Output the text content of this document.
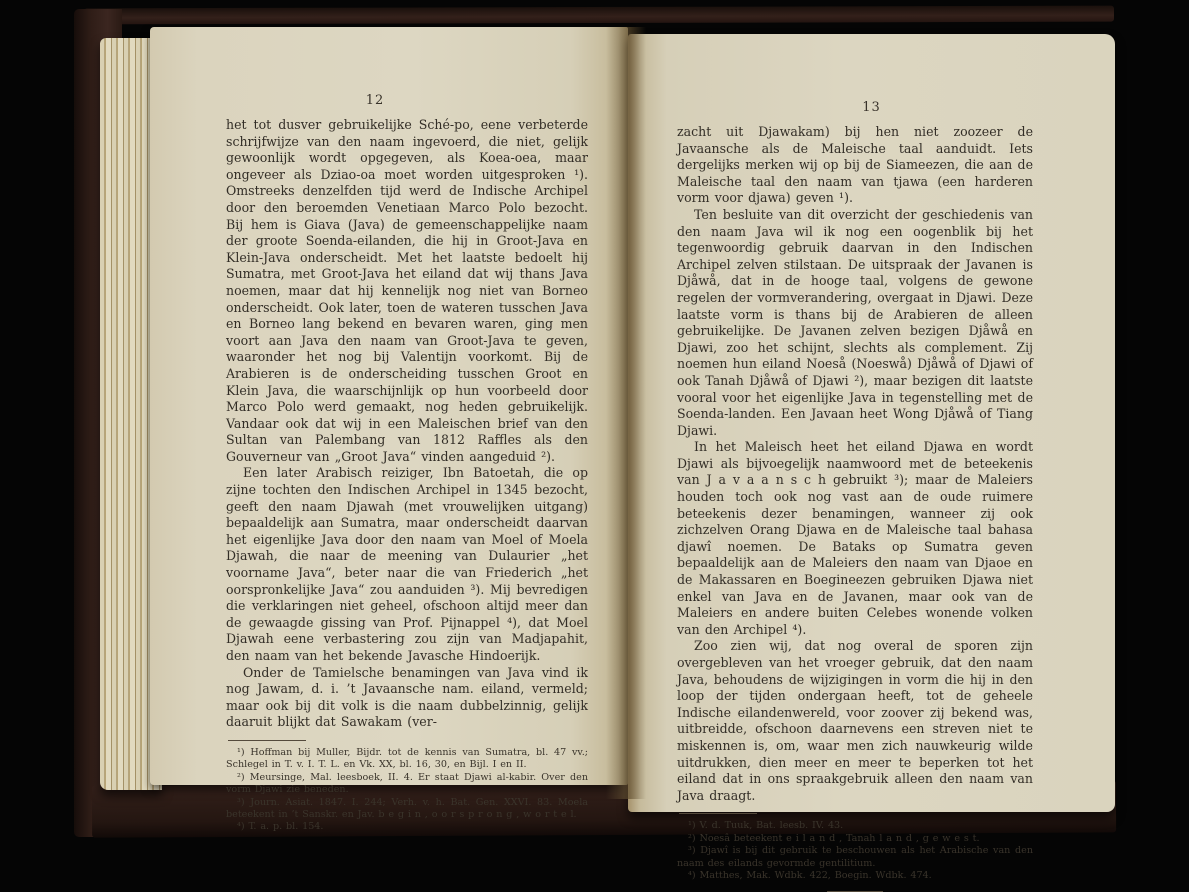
12

het tot dusver gebruikelijke Sché-po, eene verbeterde schrijfwijze van den naam ingevoerd, die niet, gelijk gewoonlijk wordt opgegeven, als Koea-oea, maar ongeveer als Dziao-oa moet worden uitgesproken ¹). Omstreeks denzelfden tijd werd de Indische Archipel door den beroemden Venetiaan Marco Polo bezocht. Bij hem is Giava (Java) de gemeenschappelijke naam der groote Soenda-eilanden, die hij in Groot-Java en Klein-Java onderscheidt. Met het laatste bedoelt hij Sumatra, met Groot-Java het eiland dat wij thans Java noemen, maar dat hij kennelijk nog niet van Borneo onderscheidt. Ook later, toen de wateren tusschen Java en Borneo lang bekend en bevaren waren, ging men voort aan Java den naam van Groot-Java te geven, waaronder het nog bij Valentijn voorkomt. Bij de Arabieren is de onderscheiding tusschen Groot en Klein Java, die waarschijnlijk op hun voorbeeld door Marco Polo werd gemaakt, nog heden gebruikelijk. Vandaar ook dat wij in een Maleischen brief van den Sultan van Palembang van 1812 Raffles als den Gouverneur van „Groot Java“ vinden aangeduid ²).

Een later Arabisch reiziger, Ibn Batoetah, die op zijne tochten den Indischen Archipel in 1345 bezocht, geeft den naam Djawah (met vrouwelijken uitgang) bepaaldelijk aan Sumatra, maar onderscheidt daarvan het eigenlijke Java door den naam van Moel of Moela Djawah, die naar de meening van Dulaurier „het voorname Java“, beter naar die van Friederich „het oorspronkelijke Java“ zou aanduiden ³). Mij bevredigen die verklaringen niet geheel, ofschoon altijd meer dan de gewaagde gissing van Prof. Pijnappel ⁴), dat Moel Djawah eene verbastering zou zijn van Madjapahit, den naam van het bekende Javasche Hindoerijk.

Onder de Tamielsche benamingen van Java vind ik nog Jawam, d. i. ’t Javaansche nam. eiland, vermeld; maar ook bij dit volk is die naam dubbelzinnig, gelijk daaruit blijkt dat Sawakam (ver-

¹) Hoffman bij Muller, Bijdr. tot de kennis van Sumatra, bl. 47 vv.; Schlegel in T. v. I. T. L. en Vk. XX, bl. 16, 30, en Bijl. I en II.

²) Meursinge, Mal. leesboek, II. 4. Er staat Djawi al-kabir. Over den vorm Djawi zie beneden.

³) Journ. Asiat. 1847. I. 244; Verh. v. h. Bat. Gen. XXVI. 83. Moela beteekent in ’t Sanskr. en Jav. b e g i n , o o r s p r o n g , w o r t e l.

⁴) T. a. p. bl. 154.

13

zacht uit Djawakam) bij hen niet zoozeer de Javaansche als de Maleische taal aanduidt. Iets dergelijks merken wij op bij de Siameezen, die aan de Maleische taal den naam van tjawa (een harderen vorm voor djawa) geven ¹).

Ten besluite van dit overzicht der geschiedenis van den naam Java wil ik nog een oogenblik bij het tegenwoordig gebruik daarvan in den Indischen Archipel zelven stilstaan. De uitspraak der Javanen is Djåwå, dat in de hooge taal, volgens de gewone regelen der vormverandering, overgaat in Djawi. Deze laatste vorm is thans bij de Arabieren de alleen gebruikelijke. De Javanen zelven bezigen Djåwå en Djawi, zoo het schijnt, slechts als complement. Zij noemen hun eiland Noeså (Noeswå) Djåwå of Djawi of ook Tanah Djåwå of Djawi ²), maar bezigen dit laatste vooral voor het eigenlijke Java in tegenstelling met de Soenda-landen. Een Javaan heet Wong Djåwå of Tiang Djawi.

In het Maleisch heet het eiland Djawa en wordt Djawi als bijvoegelijk naamwoord met de beteekenis van J a v a a n s c h gebruikt ³); maar de Maleiers houden toch ook nog vast aan de oude ruimere beteekenis dezer benamingen, wanneer zij ook zichzelven Orang Djawa en de Maleische taal bahasa djawî noemen. De Bataks op Sumatra geven bepaaldelijk aan de Maleiers den naam van Djaoe en de Makassaren en Boegineezen gebruiken Djawa niet enkel van Java en de Javanen, maar ook van de Maleiers en andere buiten Celebes wonende volken van den Archipel ⁴).

Zoo zien wij, dat nog overal de sporen zijn overgebleven van het vroeger gebruik, dat den naam Java, behoudens de wijzigingen in vorm die hij in den loop der tijden ondergaan heeft, tot de geheele Indische eilandenwereld, voor zoover zij bekend was, uitbreidde, ofschoon daarnevens een streven niet te miskennen is, om, waar men zich nauwkeurig wilde uitdrukken, dien meer en meer te beperken tot het eiland dat in ons spraakgebruik alleen den naam van Java draagt.

¹) V. d. Tuuk, Bat. leesb. IV. 43.

²) Noesâ beteekent e i l a n d , Tanah l a n d , g e w e s t.

³) Djawî is bij dit gebruik te beschouwen als het Arabische van den naam des eilands gevormde gentilitium.

⁴) Matthes, Mak. Wdbk. 422, Boegin. Wdbk. 474.
